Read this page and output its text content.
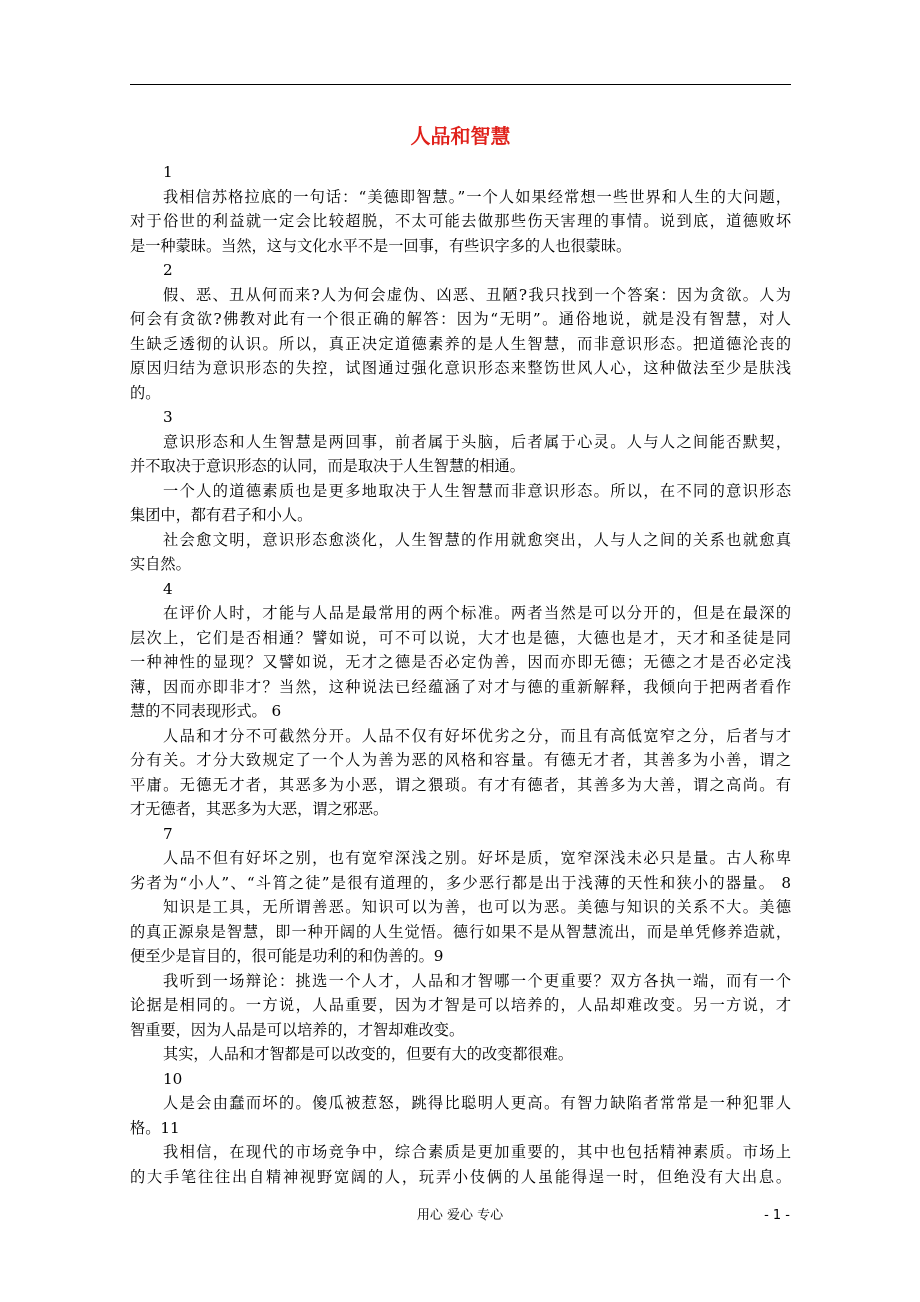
人品和智慧
1
我相信苏格拉底的一句话：“美德即智慧。”一个人如果经常想一些世界和人生的大问题，
对于俗世的利益就一定会比较超脱，不太可能去做那些伤天害理的事情。说到底，道德败坏
是一种蒙昧。当然，这与文化水平不是一回事，有些识字多的人也很蒙昧。
2
假、恶、丑从何而来?人为何会虚伪、凶恶、丑陋?我只找到一个答案：因为贪欲。人为
何会有贪欲?佛教对此有一个很正确的解答：因为“无明”。通俗地说，就是没有智慧，对人
生缺乏透彻的认识。所以，真正决定道德素养的是人生智慧，而非意识形态。把道德沦丧的
原因归结为意识形态的失控，试图通过强化意识形态来整饬世风人心，这种做法至少是肤浅
的。
3
意识形态和人生智慧是两回事，前者属于头脑，后者属于心灵。人与人之间能否默契，
并不取决于意识形态的认同，而是取决于人生智慧的相通。
一个人的道德素质也是更多地取决于人生智慧而非意识形态。所以，在不同的意识形态
集团中，都有君子和小人。
社会愈文明，意识形态愈淡化，人生智慧的作用就愈突出，人与人之间的关系也就愈真
实自然。
4
在评价人时，才能与人品是最常用的两个标准。两者当然是可以分开的，但是在最深的
层次上，它们是否相通？譬如说，可不可以说，大才也是德，大德也是才，天才和圣徒是同
一种神性的显现？又譬如说，无才之德是否必定伪善，因而亦即无德；无德之才是否必定浅
薄，因而亦即非才？当然，这种说法已经蕴涵了对才与德的重新解释，我倾向于把两者看作
慧的不同表现形式。 6
人品和才分不可截然分开。人品不仅有好坏优劣之分，而且有高低宽窄之分，后者与才
分有关。才分大致规定了一个人为善为恶的风格和容量。有德无才者，其善多为小善，谓之
平庸。无德无才者，其恶多为小恶，谓之猥琐。有才有德者，其善多为大善，谓之高尚。有
才无德者，其恶多为大恶，谓之邪恶。
7
人品不但有好坏之别，也有宽窄深浅之别。好坏是质，宽窄深浅未必只是量。古人称卑
劣者为“小人”、“斗筲之徒”是很有道理的，多少恶行都是出于浅薄的天性和狭小的器量。 8
知识是工具，无所谓善恶。知识可以为善，也可以为恶。美德与知识的关系不大。美德
的真正源泉是智慧，即一种开阔的人生觉悟。德行如果不是从智慧流出，而是单凭修养造就，
便至少是盲目的，很可能是功利的和伪善的。9
我听到一场辩论：挑选一个人才，人品和才智哪一个更重要？双方各执一端，而有一个
论据是相同的。一方说，人品重要，因为才智是可以培养的，人品却难改变。另一方说，才
智重要，因为人品是可以培养的，才智却难改变。
其实，人品和才智都是可以改变的，但要有大的改变都很难。
10
人是会由蠢而坏的。傻瓜被惹怒，跳得比聪明人更高。有智力缺陷者常常是一种犯罪人
格。11
我相信，在现代的市场竞争中，综合素质是更加重要的，其中也包括精神素质。市场上
的大手笔往往出自精神视野宽阔的人，玩弄小伎俩的人虽能得逞一时，但绝没有大出息。
用心 爱心 专心	- 1 -
